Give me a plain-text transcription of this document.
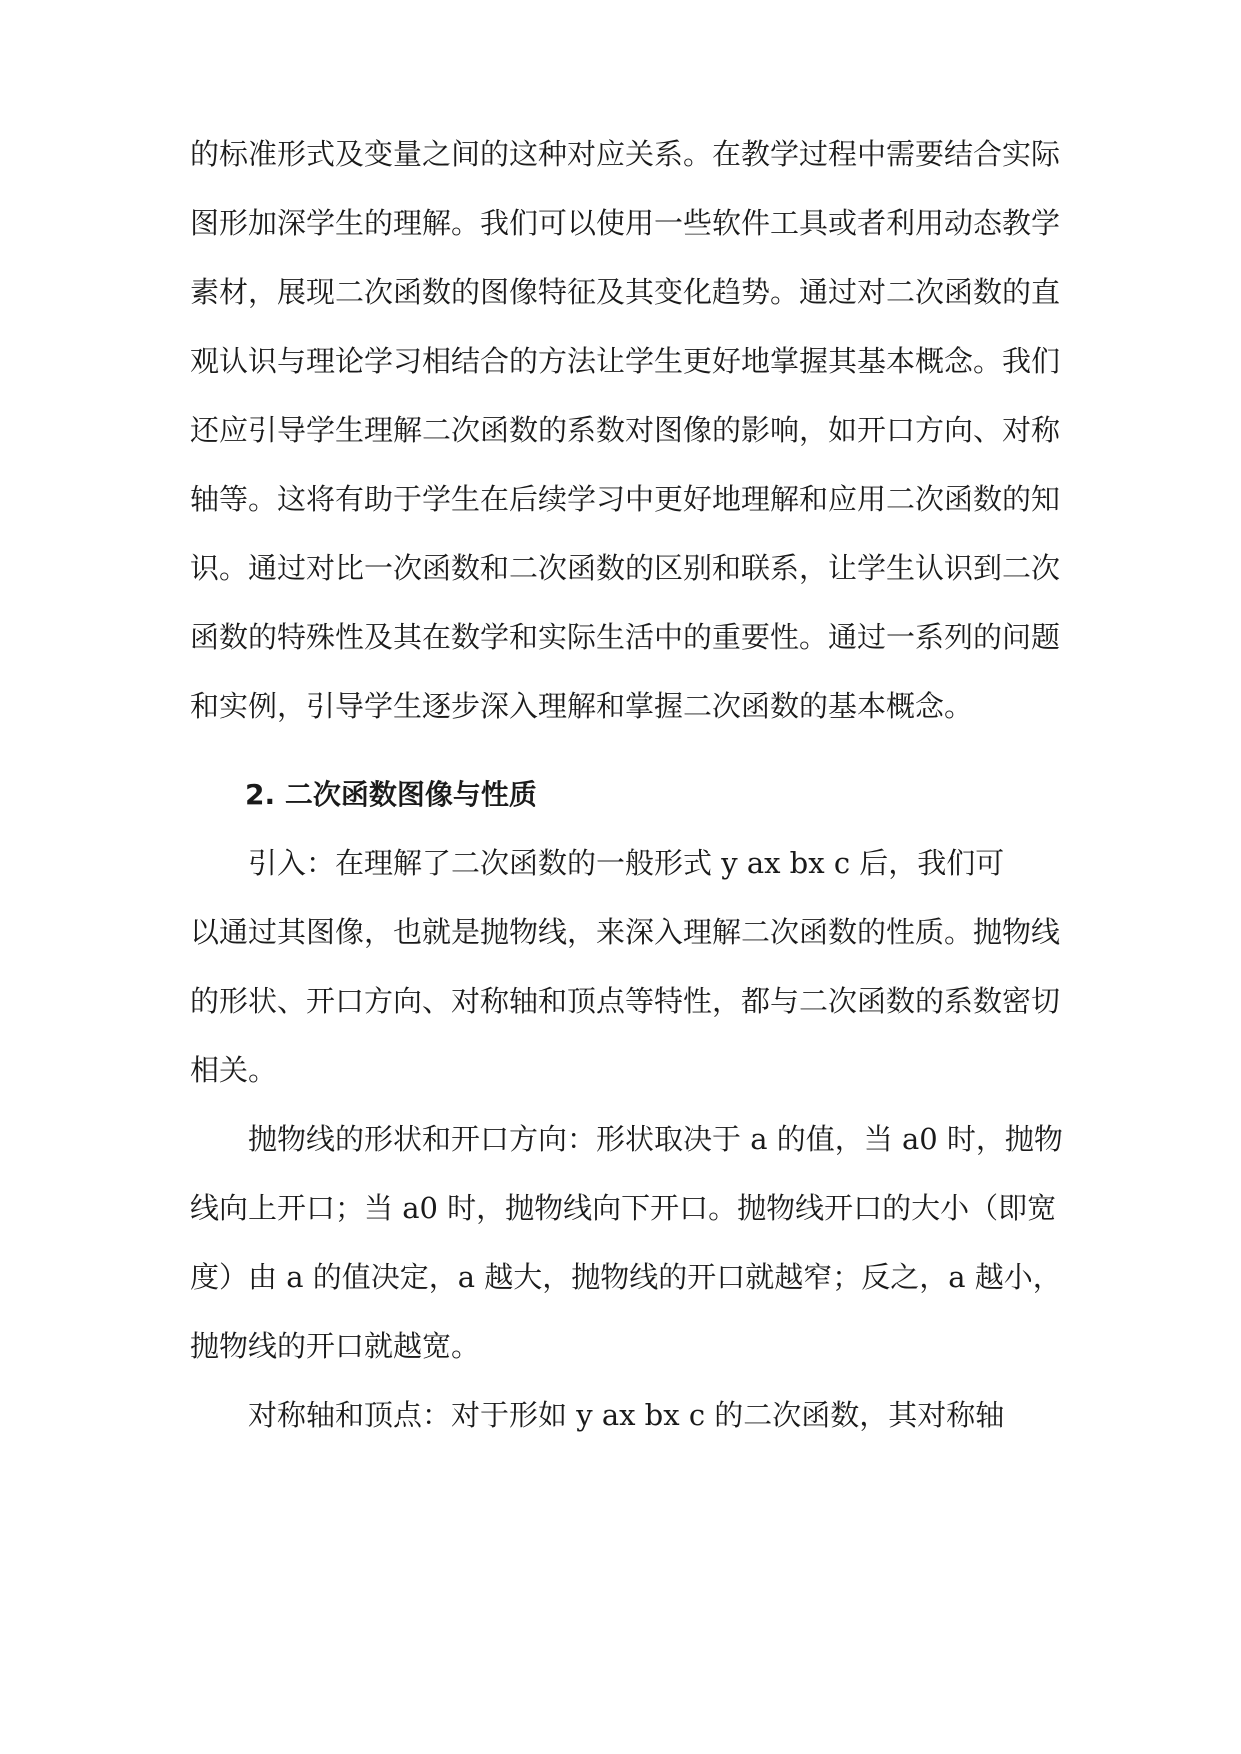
的标准形式及变量之间的这种对应关系。在教学过程中需要结合实际
图形加深学生的理解。我们可以使用一些软件工具或者利用动态教学
素材，展现二次函数的图像特征及其变化趋势。通过对二次函数的直
观认识与理论学习相结合的方法让学生更好地掌握其基本概念。我们
还应引导学生理解二次函数的系数对图像的影响，如开口方向、对称
轴等。这将有助于学生在后续学习中更好地理解和应用二次函数的知
识。通过对比一次函数和二次函数的区别和联系，让学生认识到二次
函数的特殊性及其在数学和实际生活中的重要性。通过一系列的问题
和实例，引导学生逐步深入理解和掌握二次函数的基本概念。
2. 二次函数图像与性质
引入：在理解了二次函数的一般形式 y ax bx c 后，我们可
以通过其图像，也就是抛物线，来深入理解二次函数的性质。抛物线
的形状、开口方向、对称轴和顶点等特性，都与二次函数的系数密切
相关。
抛物线的形状和开口方向：形状取决于 a 的值，当 a0 时，抛物
线向上开口；当 a0 时，抛物线向下开口。抛物线开口的大小（即宽
度）由 a 的值决定，a 越大，抛物线的开口就越窄；反之，a 越小，
抛物线的开口就越宽。
对称轴和顶点：对于形如 y ax bx c 的二次函数，其对称轴
